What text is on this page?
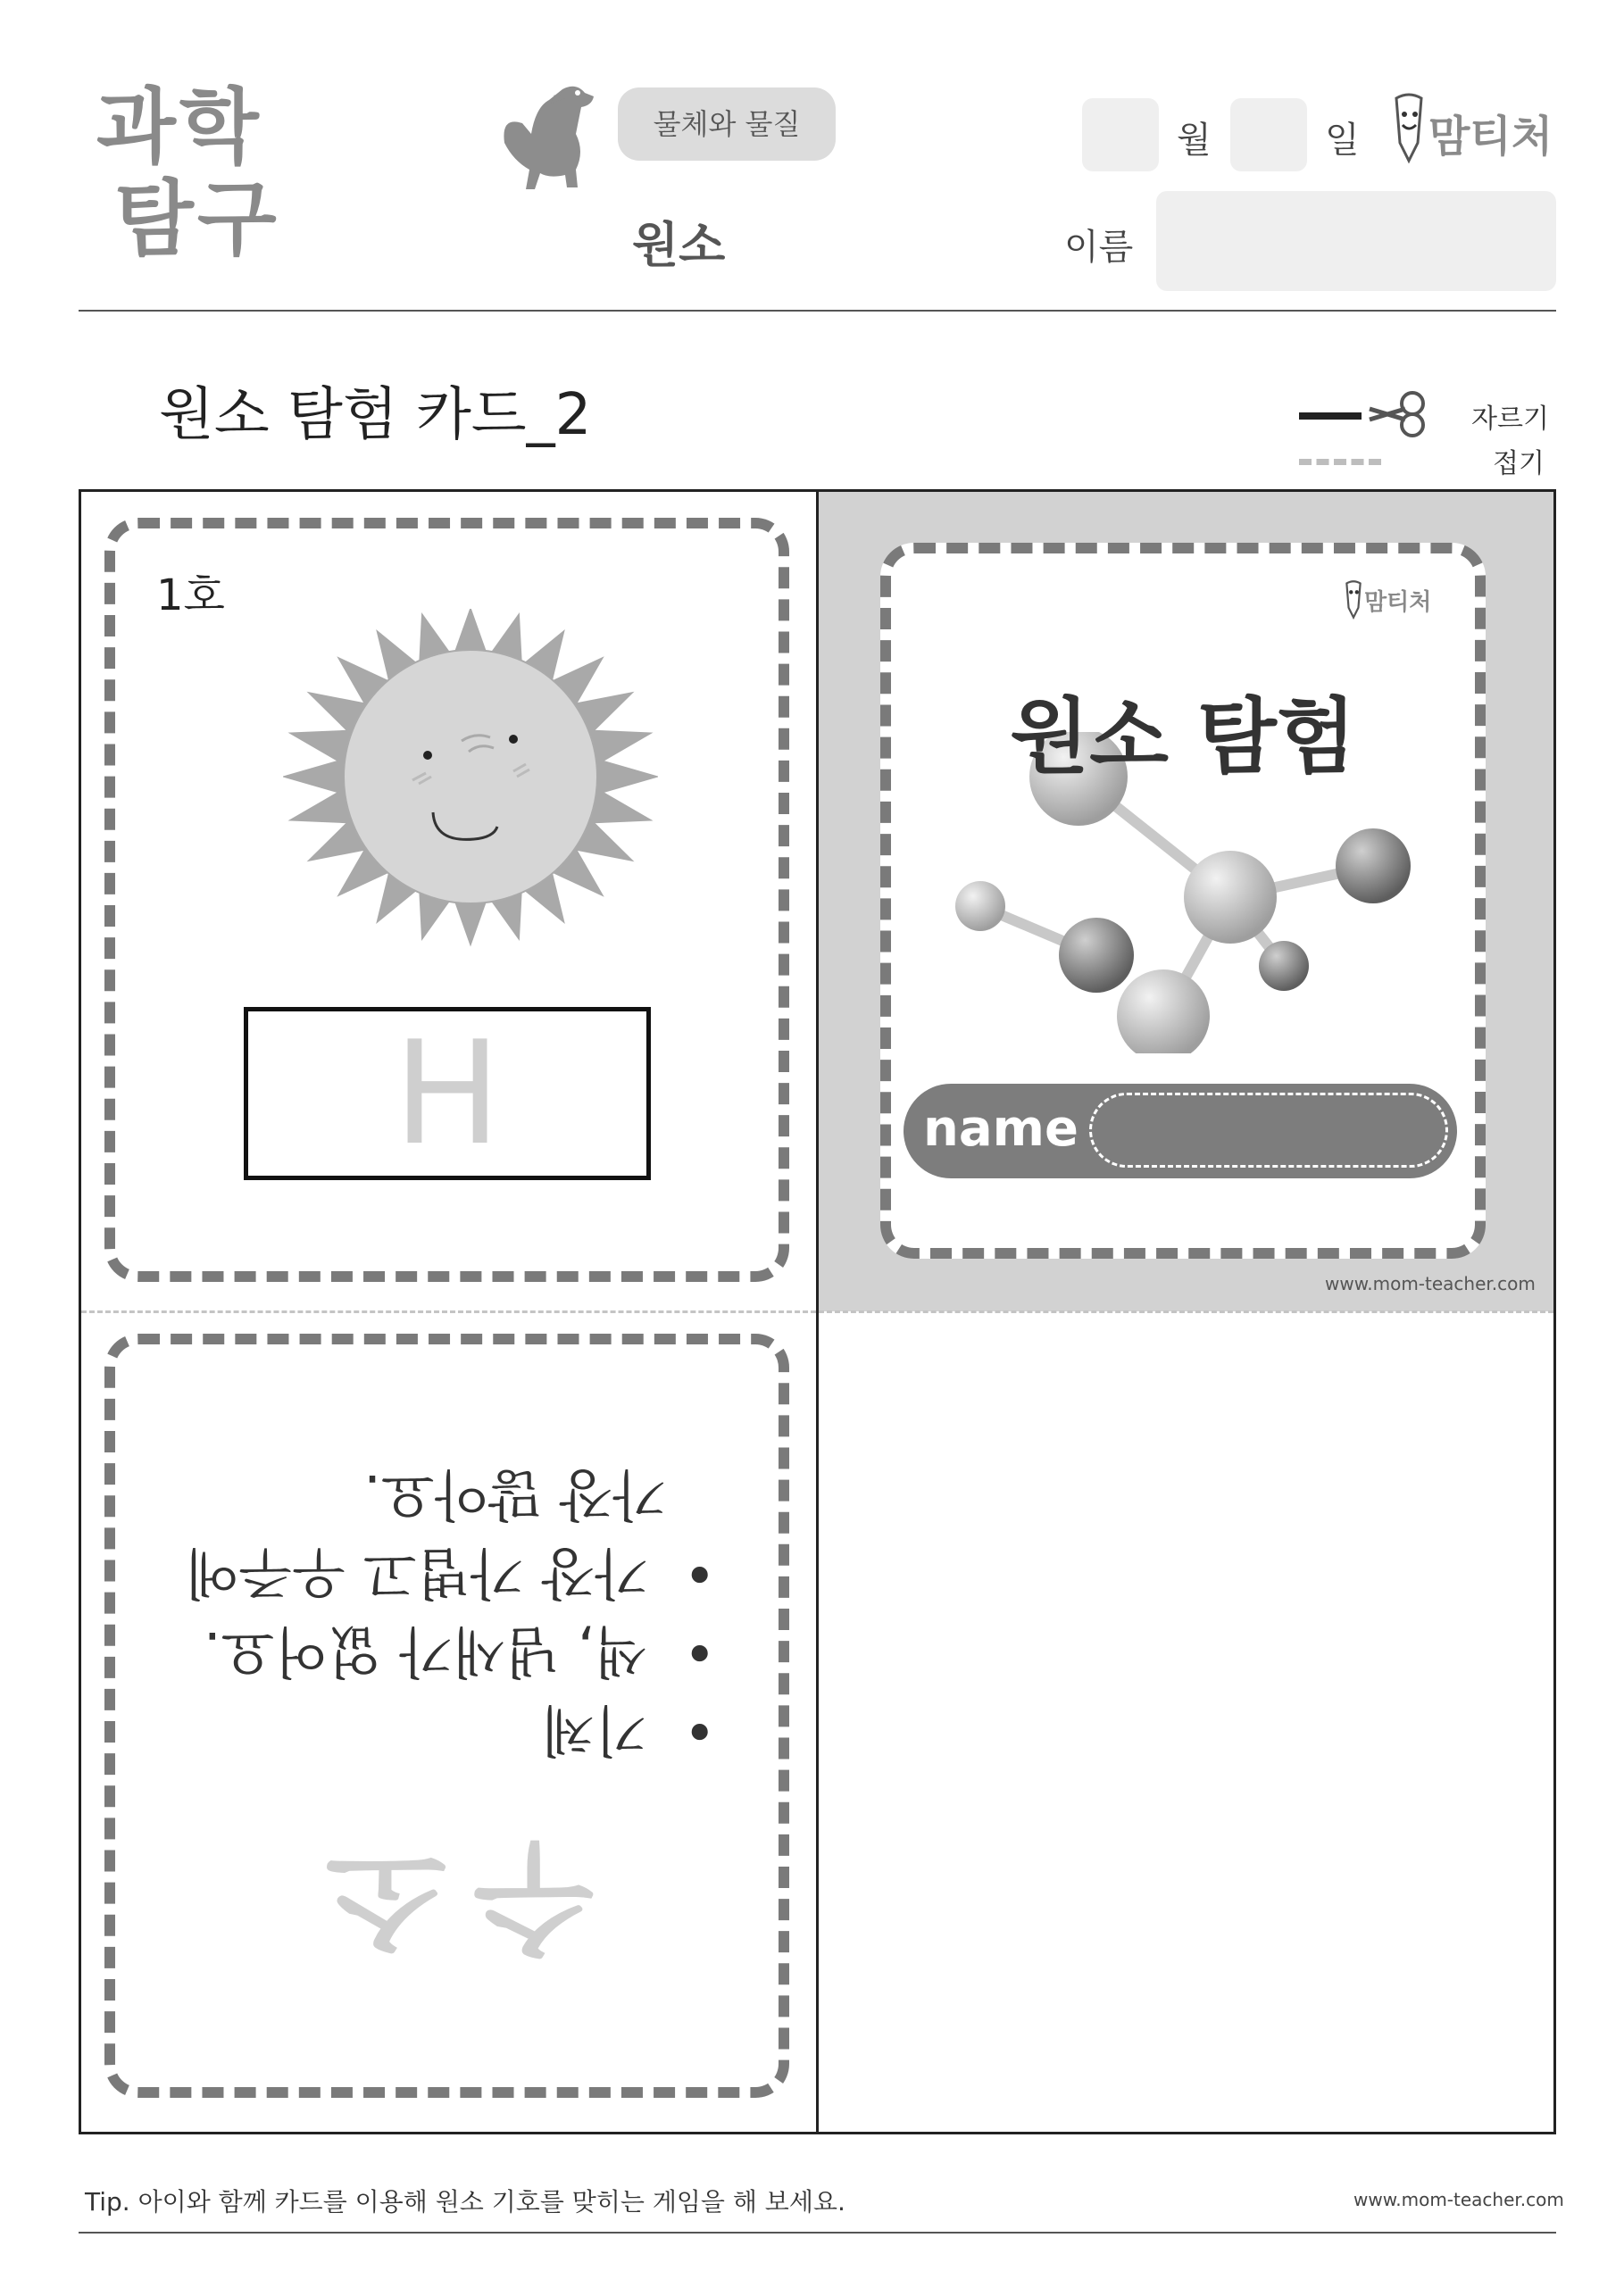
과학
탐구
물체와 물질
원소
월	일 맘티처
이름
원소 탐험 카드_2	자르기
접기
1호
H
맘티처
원소 탐험
name
www.mom-teacher.com
수소
•  기체
•  색, 냄새가 없어요.
•  가장 가볍고 우주에
가장 많아요.
Tip. 아이와 함께 카드를 이용해 원소 기호를 맞히는 게임을 해 보세요.	www.mom-teacher.com
